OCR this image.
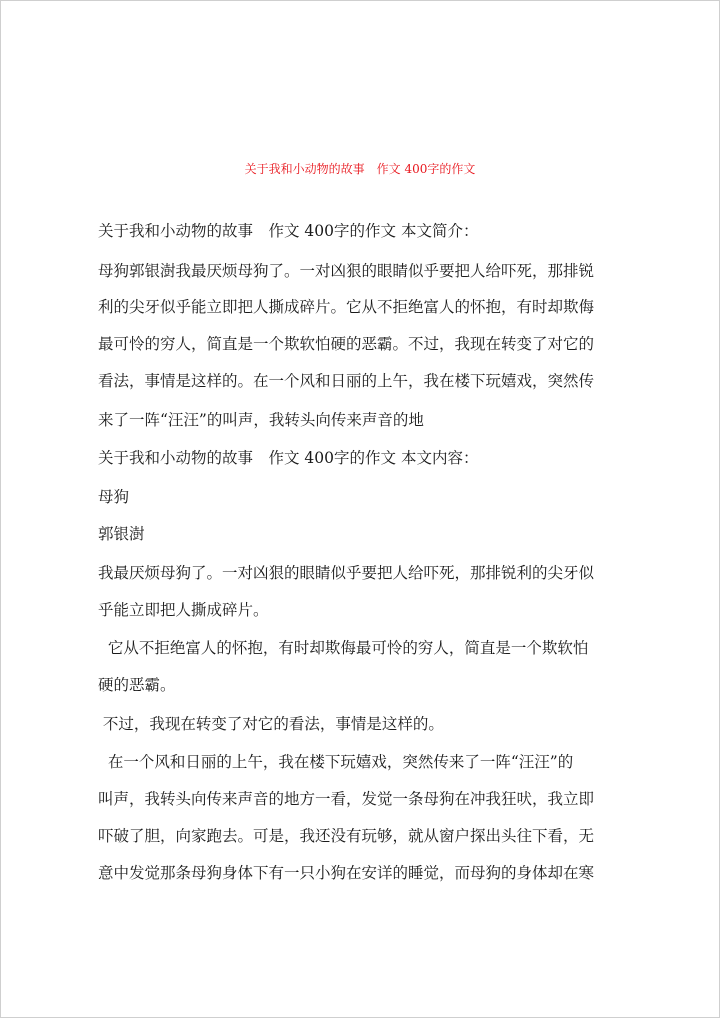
关于我和小动物的故事　作文 400字的作文
关于我和小动物的故事　作文 400字的作文 本文简介：
母狗郭银澍我最厌烦母狗了。一对凶狠的眼睛似乎要把人给吓死，那排锐
利的尖牙似乎能立即把人撕成碎片。它从不拒绝富人的怀抱，有时却欺侮
最可怜的穷人，简直是一个欺软怕硬的恶霸。不过，我现在转变了对它的
看法，事情是这样的。在一个风和日丽的上午，我在楼下玩嬉戏，突然传
来了一阵“汪汪”的叫声，我转头向传来声音的地
关于我和小动物的故事　作文 400字的作文 本文内容：
母狗
郭银澍
我最厌烦母狗了。一对凶狠的眼睛似乎要把人给吓死，那排锐利的尖牙似
乎能立即把人撕成碎片。
它从不拒绝富人的怀抱，有时却欺侮最可怜的穷人，简直是一个欺软怕
硬的恶霸。
不过，我现在转变了对它的看法，事情是这样的。
在一个风和日丽的上午，我在楼下玩嬉戏，突然传来了一阵“汪汪”的
叫声，我转头向传来声音的地方一看，发觉一条母狗在冲我狂吠，我立即
吓破了胆，向家跑去。可是，我还没有玩够，就从窗户探出头往下看，无
意中发觉那条母狗身体下有一只小狗在安详的睡觉，而母狗的身体却在寒
